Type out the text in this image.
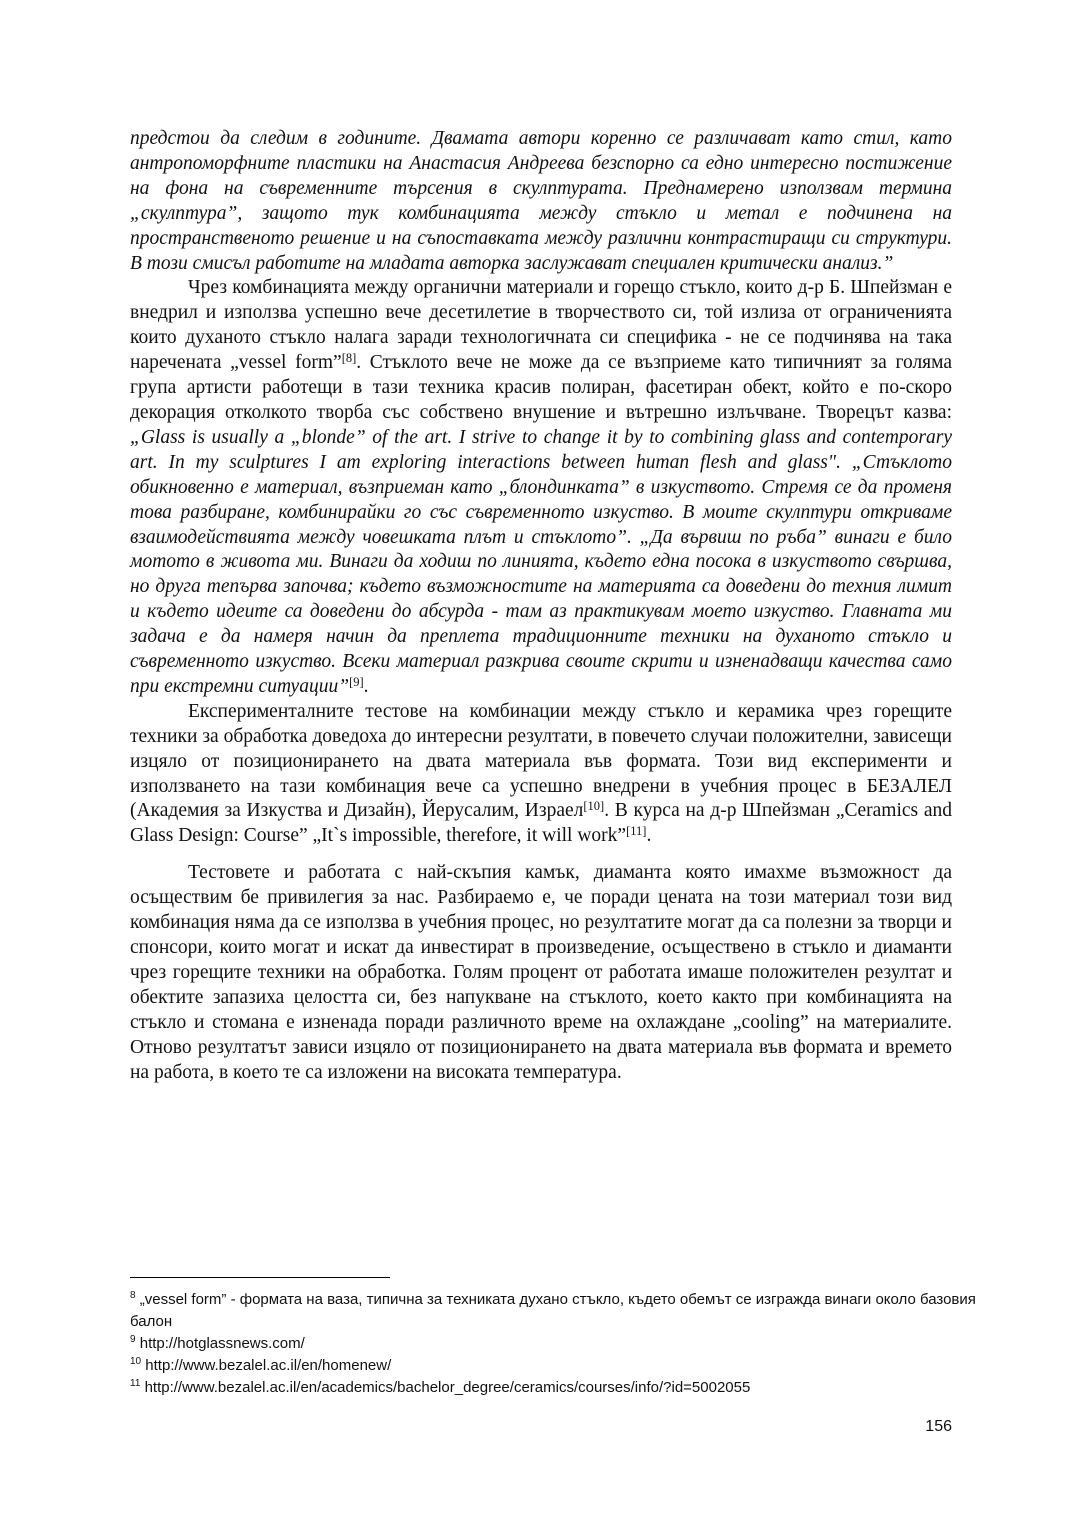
предстои да следим в годините. Двамата автори коренно се различават като стил, като антропоморфните пластики на Анастасия Андреева безспорно са едно интересно постижение на фона на съвременните търсения в скулптурата. Преднамерено използвам термина „скулптура”, защото тук комбинацията между стъкло и метал е подчинена на пространственото решение и на съпоставката между различни контрастиращи си структури. В този смисъл работите на младата авторка заслужават специален критически анализ.”

Чрез комбинацията между органични материали и горещо стъкло, които д-р Б. Шпейзман е внедрил и използва успешно вече десетилетие в творчеството си, той излиза от ограниченията които духаното стъкло налага заради технологичната си специфика - не се подчинява на така наречената „vessel form”[8]. Стъклото вече не може да се възприеме като типичният за голяма група артисти работещи в тази техника красив полиран, фасетиран обект, който е по-скоро декорация отколкото творба със собствено внушение и вътрешно излъчване. Творецът казва: „Glass is usually a „blonde” of the art. I strive to change it by to combining glass and contemporary art. In my sculptures I am exploring interactions between human flesh and glass". „Стъклото обикновенно е материал, възприеман като „блондинката” в изкуството. Стремя се да променя това разбиране, комбинирайки го със съвременното изкуство. В моите скулптури откриваме взаимодействията между човешката плът и стъклото”. „Да вървиш по ръба” винаги е било мотото в живота ми. Винаги да ходиш по линията, където една посока в изкуството свършва, но друга тепърва започва; където възможностите на материята са доведени до техния лимит и където идеите са доведени до абсурда - там аз практикувам моето изкуство. Главната ми задача е да намеря начин да преплета традиционните техники на духаното стъкло и съвременното изкуство. Всеки материал разкрива своите скрити и изненадващи качества само при екстремни ситуации”[9].

Експерименталните тестове на комбинации между стъкло и керамика чрез горещите техники за обработка доведоха до интересни резултати, в повечето случаи положителни, зависещи изцяло от позиционирането на двата материала във формата. Този вид експерименти и използването на тази комбинация вече са успешно внедрени в учебния процес в БЕЗАЛЕЛ (Академия за Изкуства и Дизайн), Йерусалим, Израел[10]. В курса на д-р Шпейзман „Ceramics and Glass Design: Course” „It`s impossible, therefore, it will work”[11].

Тестовете и работата с най-скъпия камък, диаманта която имахме възможност да осъществим бе привилегия за нас. Разбираемо е, че поради цената на този материал този вид комбинация няма да се използва в учебния процес, но резултатите могат да са полезни за творци и спонсори, които могат и искат да инвестират в произведение, осъществено в стъкло и диаманти чрез горещите техники на обработка. Голям процент от работата имаше положителен резултат и обектите запазиха целостта си, без напукване на стъклото, което както при комбинацията на стъкло и стомана е изненада поради различното време на охлаждане „cooling” на материалите. Отново резултатът зависи изцяло от позиционирането на двата материала във формата и времето на работа, в което те са изложени на високата температура.

$^8$ „vessel form” - формата на ваза, типична за техниката духано стъкло, където обемът се изгражда винаги около базовия балон

$^9$ http://hotglassnews.com/

$^{10}$ http://www.bezalel.ac.il/en/homenew/

$^{11}$ http://www.bezalel.ac.il/en/academics/bachelor_degree/ceramics/courses/info/?id=5002055

156
